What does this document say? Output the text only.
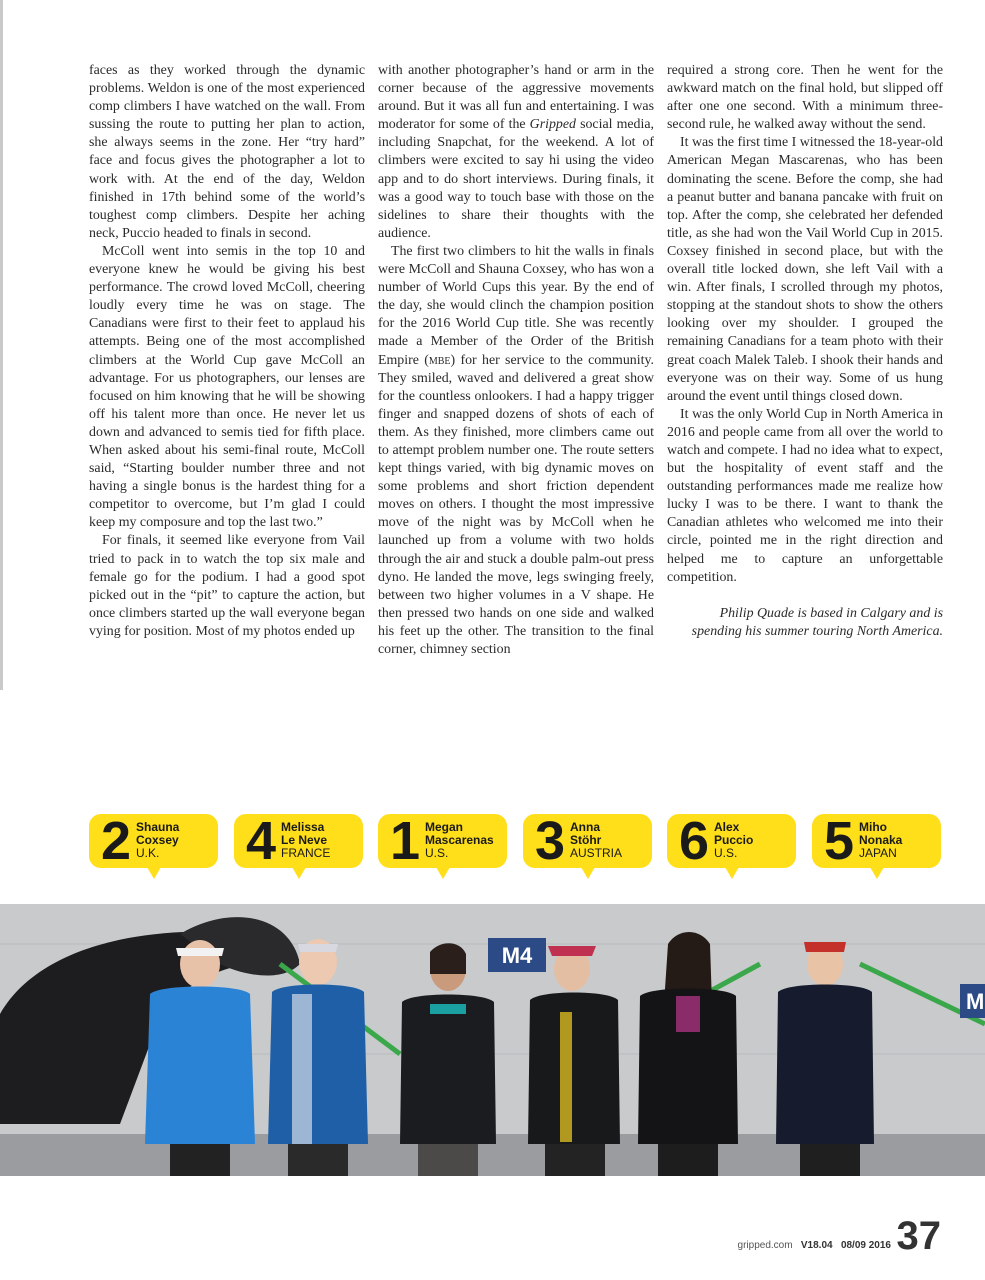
faces as they worked through the dynamic problems. Weldon is one of the most experienced comp climbers I have watched on the wall. From sussing the route to putting her plan to action, she always seems in the zone. Her “try hard” face and focus gives the photographer a lot to work with. At the end of the day, Weldon finished in 17th behind some of the world’s toughest comp climbers. Despite her aching neck, Puccio headed to finals in second.

McColl went into semis in the top 10 and everyone knew he would be giving his best performance. The crowd loved McColl, cheering loudly every time he was on stage. The Canadians were first to their feet to applaud his attempts. Being one of the most accomplished climbers at the World Cup gave McColl an advantage. For us photographers, our lenses are focused on him knowing that he will be showing off his talent more than once. He never let us down and advanced to semis tied for fifth place. When asked about his semi-final route, McColl said, “Starting boulder number three and not having a single bonus is the hardest thing for a competitor to overcome, but I’m glad I could keep my composure and top the last two.”

For finals, it seemed like everyone from Vail tried to pack in to watch the top six male and female go for the podium. I had a good spot picked out in the “pit” to capture the action, but once climbers started up the wall everyone began vying for position. Most of my photos ended up

with another photographer’s hand or arm in the corner because of the aggressive movements around. But it was all fun and entertaining. I was moderator for some of the Gripped social media, including Snapchat, for the weekend. A lot of climbers were excited to say hi using the video app and to do short interviews. During finals, it was a good way to touch base with those on the sidelines to share their thoughts with the audience.

The first two climbers to hit the walls in finals were McColl and Shauna Coxsey, who has won a number of World Cups this year. By the end of the day, she would clinch the champion position for the 2016 World Cup title. She was recently made a Member of the Order of the British Empire (mbe) for her service to the community. They smiled, waved and delivered a great show for the countless onlookers. I had a happy trigger finger and snapped dozens of shots of each of them. As they finished, more climbers came out to attempt problem number one. The route setters kept things varied, with big dynamic moves on some problems and short friction dependent moves on others. I thought the most impressive move of the night was by McColl when he launched up from a volume with two holds through the air and stuck a double palm-out press dyno. He landed the move, legs swinging freely, between two higher volumes in a V shape. He then pressed two hands on one side and walked his feet up the other. The transition to the final corner, chimney section

required a strong core. Then he went for the awkward match on the final hold, but slipped off after one one second. With a minimum three-second rule, he walked away without the send.

It was the first time I witnessed the 18-year-old American Megan Mascarenas, who has been dominating the scene. Before the comp, she had a peanut butter and banana pancake with fruit on top. After the comp, she celebrated her defended title, as she had won the Vail World Cup in 2015. Coxsey finished in second place, but with the overall title locked down, she left Vail with a win. After finals, I scrolled through my photos, stopping at the standout shots to show the others looking over my shoulder. I grouped the remaining Canadians for a team photo with their great coach Malek Taleb. I shook their hands and everyone was on their way. Some of us hung around the event until things closed down.

It was the only World Cup in North America in 2016 and people came from all over the world to watch and compete. I had no idea what to expect, but the hospitality of event staff and the outstanding performances made me realize how lucky I was to be there. I want to thank the Canadian athletes who welcomed me into their circle, pointed me in the right direction and helped me to capture an unforgettable competition.

Philip Quade is based in Calgary and is
spending his summer touring North America.

2 Shauna
Coxsey
U.K.	4 Melissa
Le Neve
FRANCE 1 Megan
Mascarenas
U.S.	3 Anna
Stöhr
AUSTRIA 6 Alex
Puccio
U.S. 5 Miho
Nonaka
JAPAN
M4
M
gripped.com V18.04 08/09 2016 37
